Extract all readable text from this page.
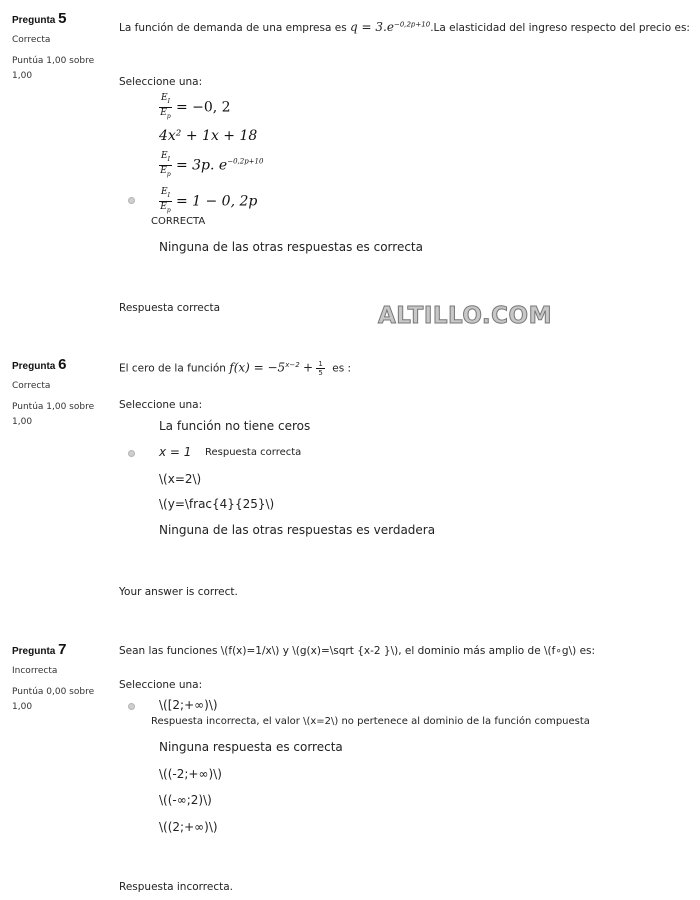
Pregunta 5
Correcta
Puntúa 1,00 sobre 1,00
La función de demanda de una empresa es $q = 3.e^{-0,2p+10}.La$ elasticidad del ingreso respecto del precio es:
Seleccione una:
$\frac{E_I}{E_p} = -0$, 2
4x² + 1x + 18
$\frac{E_I}{E_p} = 3p$. $e^{-0,2p+10}$
$\frac{E_I}{E_p} = 1 - 0$, 2p
CORRECTA
Ninguna de las otras respuestas es correcta
Respuesta correcta	ALTILLO.COM
Pregunta 6
Correcta
Puntúa 1,00 sobre 1,00
El cero de la función $f(x) = -5^{x-2} + \frac{1}{5}$ es :
Seleccione una:
La función no tiene ceros
x = 1 Respuesta correcta
\(x=2\)
\(y=\frac{4}{25}\)
Ninguna de las otras respuestas es verdadera
Your answer is correct.
Pregunta 7
Incorrecta
Puntúa 0,00 sobre 1,00
Sean las funciones \(f(x)=1/x\) y \(g(x)=\sqrt {x-2 }\), el dominio más amplio de \(f∘g\) es:
Seleccione una:
\([2;+∞)\)
Respuesta incorrecta, el valor \(x=2\) no pertenece al dominio de la función compuesta
Ninguna respuesta es correcta
\((-2;+∞)\)
\((-∞;2)\)
\((2;+∞)\)
Respuesta incorrecta.
